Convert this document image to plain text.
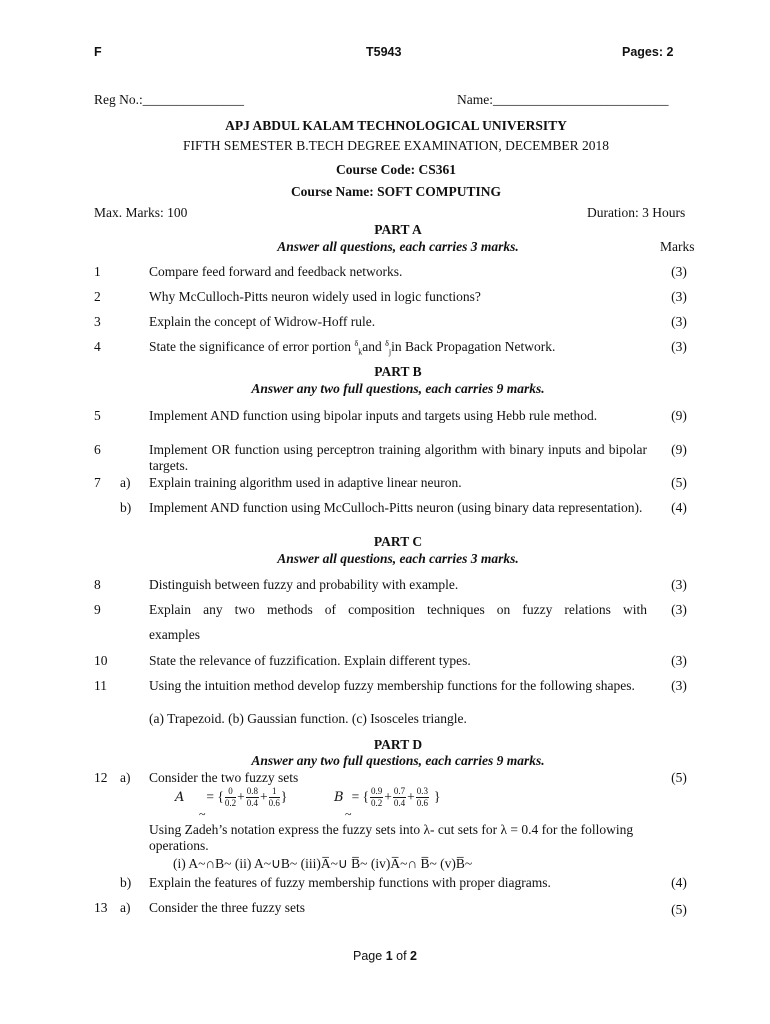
F	T5943	Pages: 2
Reg No.:_______________	Name:__________________________
APJ ABDUL KALAM TECHNOLOGICAL UNIVERSITY
FIFTH SEMESTER B.TECH DEGREE EXAMINATION, DECEMBER 2018
Course Code: CS361
Course Name: SOFT COMPUTING
Max. Marks: 100	Duration: 3 Hours
PART A
Answer all questions, each carries 3 marks.	Marks
1	Compare feed forward and feedback networks.	(3)
2	Why McCulloch-Pitts neuron widely used in logic functions?	(3)
3	Explain the concept of Widrow-Hoff rule.	(3)
4	State the significance of error portion $^\delta_k$and $^\delta_j$in Back Propagation Network.	(3)
PART B
Answer any two full questions, each carries 9 marks.
5	Implement AND function using bipolar inputs and targets using Hebb rule method.	(9)
6	Implement OR function using perceptron training algorithm with binary inputs and bipolar targets.
(9)
7 a) Explain training algorithm used in adaptive linear neuron.	(5)
b) Implement AND function using McCulloch-Pitts neuron (using binary data representation).	(4)
PART C
Answer all questions, each carries 3 marks.
8	Distinguish between fuzzy and probability with example.	(3)
9	Explain any two methods of composition techniques on fuzzy relations with
examples
(3)
10	State the relevance of fuzzification. Explain different types.	(3)
11	Using the intuition method develop fuzzy membership functions for the following shapes.
(a) Trapezoid. (b) Gaussian function. (c) Isosceles triangle.
(3)
PART D
Answer any two full questions, each carries 9 marks.
12 a) Consider the two fuzzy sets	(5)
A = { $\frac{0}{0.2} + \frac{0.8}{0.4} + \frac{1}{0.6}$ }
~
B = { $\frac{0.9}{0.2} + \frac{0.7}{0.4} + \frac{0.3}{0.6}$ }
~
Using Zadeh’s notation express the fuzzy sets into λ- cut sets for λ = 0.4 for the following operations.
(i) A~∩B~ (ii) A~∪B~ (iii)A̅~∪ B̅~ (iv)A̅~∩ B̅~ (v)B̅~
b) Explain the features of fuzzy membership functions with proper diagrams.	(4)
13 a) Consider the three fuzzy sets	(5)
Page 1 of 2
